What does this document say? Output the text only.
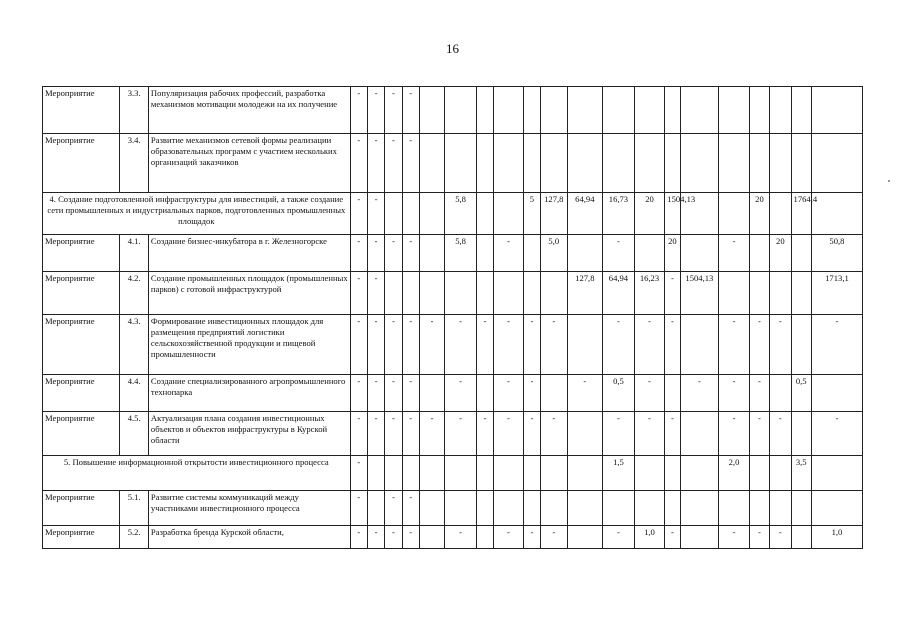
16
Мероприятие	3.3.	Популяризация рабочих профессий, разработка механизмов мотивации молодежи на их получение	-	-	-	-																
Мероприятие	3.4.	Развитие механизмов сетевой формы реализации образовательных программ с участием нескольких организаций заказчиков	-	-	-	-																
4. Создание подготовленной инфраструктуры для инвестиций, а также создание сети промышленных и индустриальных парков, подготовленных промышленных площадок			-	-				5,8			5	127,8	64,94	16,73	20	1504,13			20		1764,4	
Мероприятие	4.1.	Создание бизнес-инкубатора в г. Железногорске	-	-	-	-		5,8		-		5,0		-		20		-		20		50,8
Мероприятие	4.2.	Создание промышленных площадок (промышленных парков) с готовой инфраструктурой	-	-									127,8	64,94	16,23	-	1504,13					1713,1
Мероприятие	4.3.	Формирование инвестиционных площадок для размещения предприятий логистики сельскохозяйственной продукции и пищевой промышленности	-	-	-	-	-	-	-	-	-	-		-	-	-		-	-	-		-
Мероприятие	4.4.	Создание специализированного агропромышленного технопарка	-	-	-	-		-		-	-		-	0,5	-		-	-	-		0,5	
Мероприятие	4.5.	Актуализация плана создания инвестиционных объектов и объектов инфраструктуры в Курской области	-	-	-	-	-	-	-	-	-	-		-	-	-		-	-	-		-
5. Повышение информационной открытости инвестиционного процесса			-											1,5				2,0			3,5	
Мероприятие	5.1.	Развитие системы коммуникаций между участниками инвестиционного процесса	-		-	-																
Мероприятие	5.2.	Разработка бренда Курской области,	-	-	-	-		-		-	-	-		-	1,0	-		-	-	-		1,0
